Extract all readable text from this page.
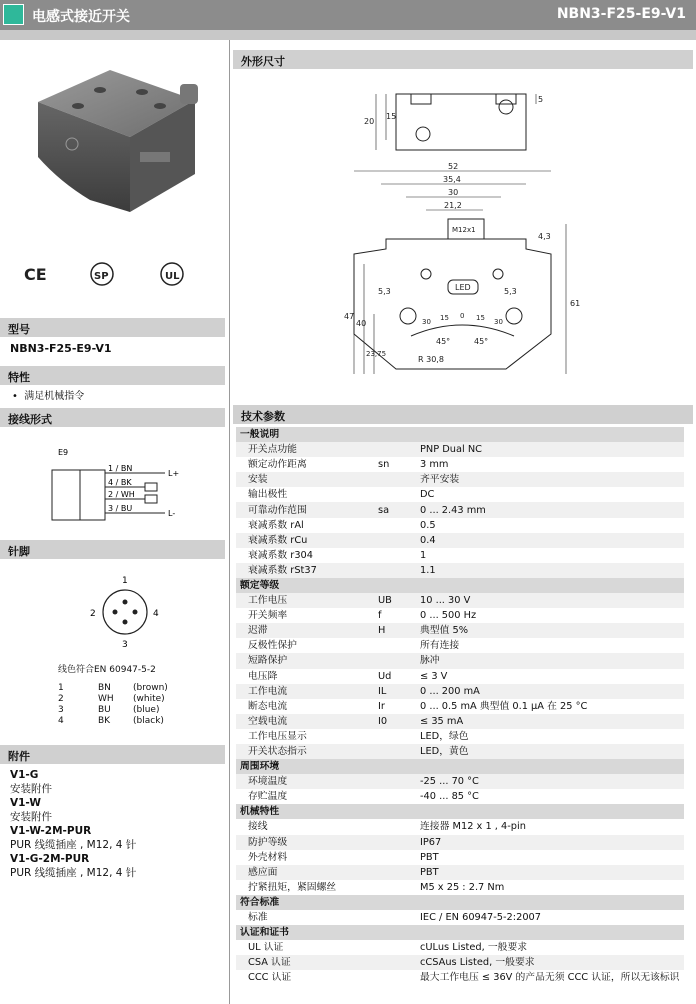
电感式接近开关	NBN3-F25-E9-V1
CE	SP	UL
型号
NBN3-F25-E9-V1
特性
•  满足机械指令
接线形式
E9
1 / BN
4 / BK
2 / WH
3 / BU
L+
L-
针脚
1
2
3
4
线色符合EN 60947-5-2
1	BN	(brown)
2	WH	(white)
3	BU	(blue)
4	BK	(black)
附件
V1-G
安装附件
V1-W
安装附件
V1-W-2M-PUR
PUR 线缆插座 , M12, 4 针
V1-G-2M-PUR
PUR 线缆插座 , M12, 4 针
外形尺寸
20
15
5
52
35,4
30
21,2
M12x1
4,3
5,3	5,3
LED
30 15 0 15 30
45°	45°
R 30,8
47
40
23,75
61
技术参数
一般说明		
开关点功能		PNP Dual NC
额定动作距离	sn	3 mm
安装		齐平安装
输出极性		DC
可靠动作范围	sa	0 ... 2.43 mm
衰减系数 rAl		0.5
衰减系数 rCu		0.4
衰减系数 r304		1
衰减系数 rSt37		1.1
额定等级		
工作电压	UB	10 ... 30 V
开关频率	f	0 ... 500 Hz
迟滞	H	典型值 5%
反极性保护		所有连接
短路保护		脉冲
电压降	Ud	≤ 3 V
工作电流	IL	0 ... 200 mA
断态电流	Ir	0 ... 0.5 mA 典型值 0.1 μA 在 25 °C
空载电流	I0	≤ 35 mA
工作电压显示		LED，绿色
开关状态指示		LED，黄色
周围环境		
环境温度		-25 ... 70 °C
存贮温度		-40 ... 85 °C
机械特性		
接线		连接器 M12 x 1 , 4-pin
防护等级		IP67
外壳材料		PBT
感应面		PBT
拧紧扭矩，紧固螺丝		M5 x 25 : 2.7 Nm
符合标准		
标准		IEC / EN 60947-5-2:2007
认证和证书		
UL 认证		cULus Listed, 一般要求
CSA 认证		cCSAus Listed, 一般要求
CCC 认证		最大工作电压 ≤ 36V 的产品无须 CCC 认证，所以无该标识
